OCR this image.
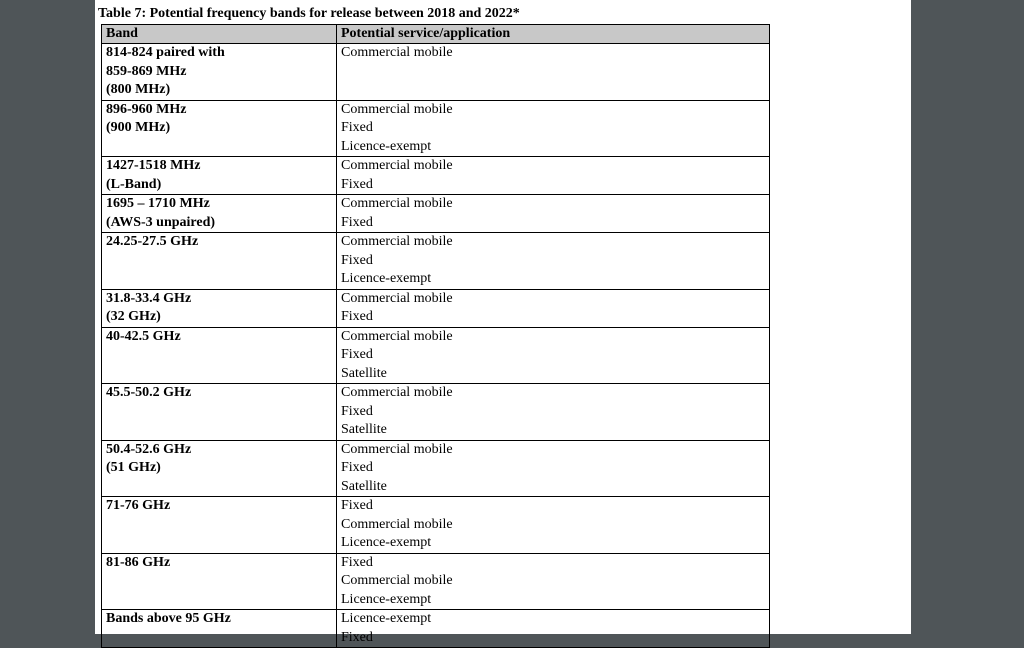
Table 7: Potential frequency bands for release between 2018 and 2022*
Band	Potential service/application

814-824 paired with
859-869 MHz
(800 MHz)	Commercial mobile

896-960 MHz
(900 MHz)	Commercial mobile
Fixed
Licence-exempt

1427-1518 MHz
(L-Band)	Commercial mobile
Fixed

1695 – 1710 MHz
(AWS-3 unpaired)	Commercial mobile
Fixed

24.25-27.5 GHz	Commercial mobile
Fixed
Licence-exempt

31.8-33.4 GHz
(32 GHz)	Commercial mobile
Fixed

40-42.5 GHz	Commercial mobile
Fixed
Satellite

45.5-50.2 GHz	Commercial mobile
Fixed
Satellite

50.4-52.6 GHz
(51 GHz)	Commercial mobile
Fixed
Satellite

71-76 GHz	Fixed
Commercial mobile
Licence-exempt

81-86 GHz	Fixed
Commercial mobile
Licence-exempt

Bands above 95 GHz	Licence-exempt
Fixed
